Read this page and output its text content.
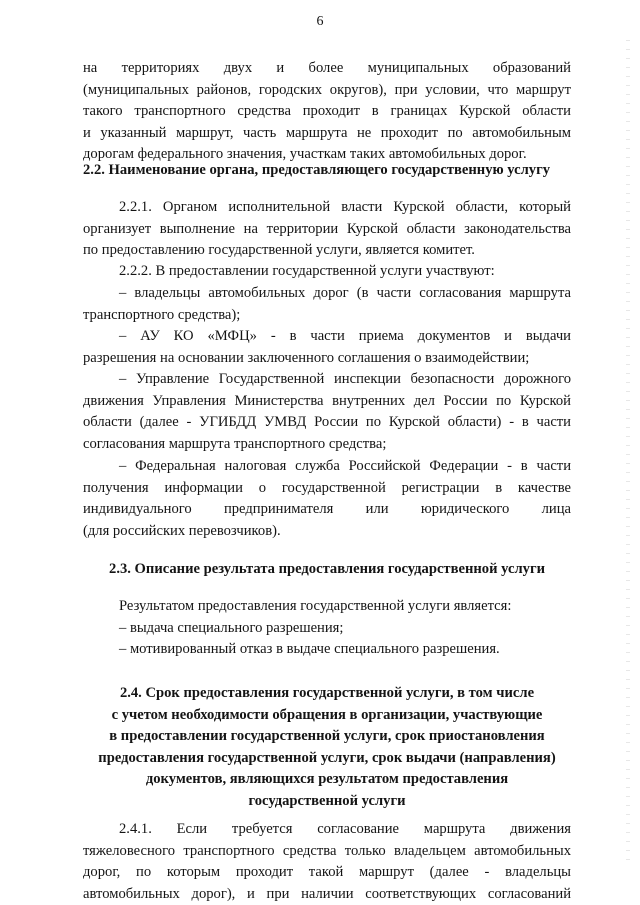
6
на территориях двух и более муниципальных образований
(муниципальных районов, городских округов), при условии, что маршрут
такого транспортного средства проходит в границах Курской области
и указанный маршрут, часть маршрута не проходит по автомобильным
дорогам федерального значения, участкам таких автомобильных дорог.
2.2. Наименование органа, предоставляющего государственную услугу
2.2.1. Органом исполнительной власти Курской области, который
организует выполнение на территории Курской области законодательства
по предоставлению государственной услуги, является комитет.
2.2.2. В предоставлении государственной услуги участвуют:
– владельцы автомобильных дорог (в части согласования маршрута
транспортного средства);
– АУ КО «МФЦ» - в части приема документов и выдачи
разрешения на основании заключенного соглашения о взаимодействии;
– Управление Государственной инспекции безопасности дорожного
движения Управления Министерства внутренних дел России по Курской
области (далее - УГИБДД УМВД России по Курской области) - в части
согласования маршрута транспортного средства;
– Федеральная налоговая служба Российской Федерации - в части
получения информации о государственной регистрации в качестве
индивидуального предпринимателя или юридического лица
(для российских перевозчиков).
2.3. Описание результата предоставления государственной услуги
Результатом предоставления государственной услуги является:
– выдача специального разрешения;
– мотивированный отказ в выдаче специального разрешения.
2.4. Срок предоставления государственной услуги, в том числе
с учетом необходимости обращения в организации, участвующие
в предоставлении государственной услуги, срок приостановления
предоставления государственной услуги, срок выдачи (направления)
документов, являющихся результатом предоставления
государственной услуги
2.4.1. Если требуется согласование маршрута движения
тяжеловесного транспортного средства только владельцем автомобильных
дорог, по которым проходит такой маршрут (далее - владельцы
автомобильных дорог), и при наличии соответствующих согласований
